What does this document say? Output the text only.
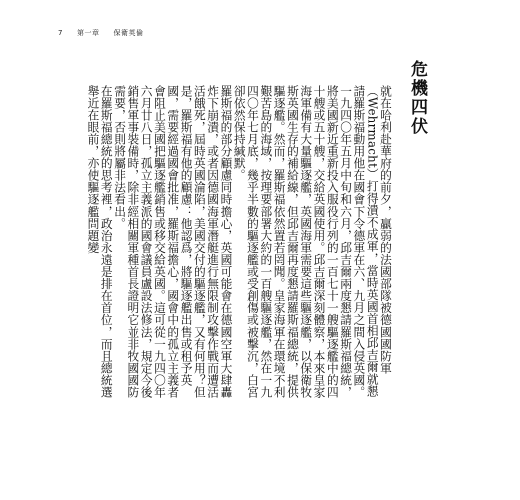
7 第一章 保衛英倫
危機四伏

就在哈利赴華府的前夕，贏弱的法國部隊被德國國防軍（Wehrmacht）打得潰不成軍，當時英國首相邱吉爾就懇請羅斯福動用他在國會下令德軍在六、九月之間入侵英國。一九四〇年五月中旬和六月，邱吉爾兩度懇請羅斯福總統，將美國新近重新投入服役行列的一百七十一艘驅逐艦中的四十艘或五十艘，交給英國使用。邱吉爾深刻體察，本來皇家海軍備有大量驅逐艦，英國海軍需要這些驅逐艦，以保衛牧斯英國生存的補給線，但邱吉爾再度懇請羅斯福總統，提供驅逐艦。然而，羅斯福依然置若罔聞。皇家海軍在環境不利艱苦島的海域，按理要部署大約的一百艘驅逐艦，然在一九四〇年七月底，幾乎半數的驅逐艦或受創傷或被擊沉，白宮卻依然保持緘默。

羅斯福的部分顧慮同時擔心，英國可能會在德國空軍大肆轟炸下崩潰，或者因德國海軍潛艇進行無限制攻擊作戰而遭活活餓死，屆時英國淪陷，美國交付的驅逐艦，又有何用？但是，羅斯福有他的顧慮：他認爲，將驅逐艦出售或租予英國，需要經過國會批准，羅斯福擔心，國會中的孤立主義者會阻止美國把驅逐艦銷售或移交給英國。這可從一九四〇年六月廿八日，孤立主義派的國會議員盧設法修法，規定今後銷售軍事裝備時，除非經相關軍種首長證明它並非牧國國防需要，否則將屬非法看出。

在羅斯福總統的思考裡，政治永遠是排在首位，而且總統選舉近在眼前，亦使驅逐艦問題變
